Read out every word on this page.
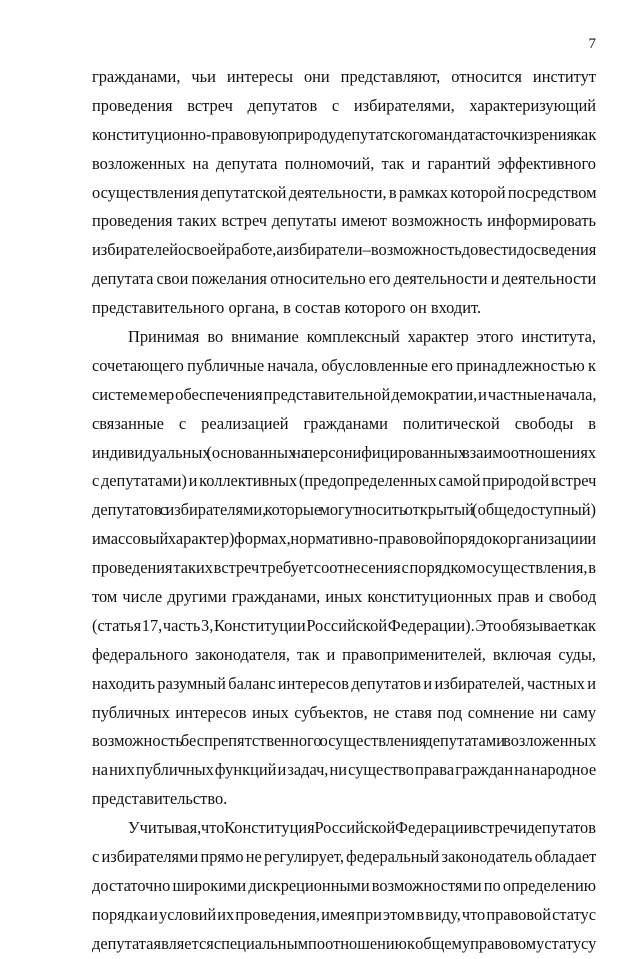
7
гражданами, чьи интересы они представляют, относится институт
проведения встреч депутатов с избирателями, характеризующий
конституционно-правовую природу депутатского мандата с точки зрения как
возложенных на депутата полномочий, так и гарантий эффективного
осуществления депутатской деятельности, в рамках которой посредством
проведения таких встреч депутаты имеют возможность информировать
избирателей о своей работе, а избиратели – возможность довести до сведения
депутата свои пожелания относительно его деятельности и деятельности
представительного органа, в состав которого он входит.
Принимая во внимание комплексный характер этого института,
сочетающего публичные начала, обусловленные его принадлежностью к
системе мер обеспечения представительной демократии, и частные начала,
связанные с реализацией гражданами политической свободы в
индивидуальных (основанных на персонифицированных взаимоотношениях
с депутатами) и коллективных (предопределенных самой природой встреч
депутатов с избирателями, которые могут носить открытый (общедоступный)
и массовый характер) формах, нормативно-правовой порядок организации и
проведения таких встреч требует соотнесения с порядком осуществления, в
том числе другими гражданами, иных конституционных прав и свобод
(статья 17, часть 3, Конституции Российской Федерации). Это обязывает как
федерального законодателя, так и правоприменителей, включая суды,
находить разумный баланс интересов депутатов и избирателей, частных и
публичных интересов иных субъектов, не ставя под сомнение ни саму
возможность беспрепятственного осуществления депутатами возложенных
на них публичных функций и задач, ни существо права граждан на народное
представительство.
Учитывая, что Конституция Российской Федерации встречи депутатов
с избирателями прямо не регулирует, федеральный законодатель обладает
достаточно широкими дискреционными возможностями по определению
порядка и условий их проведения, имея при этом в виду, что правовой статус
депутата является специальным по отношению к общему правовому статусу
